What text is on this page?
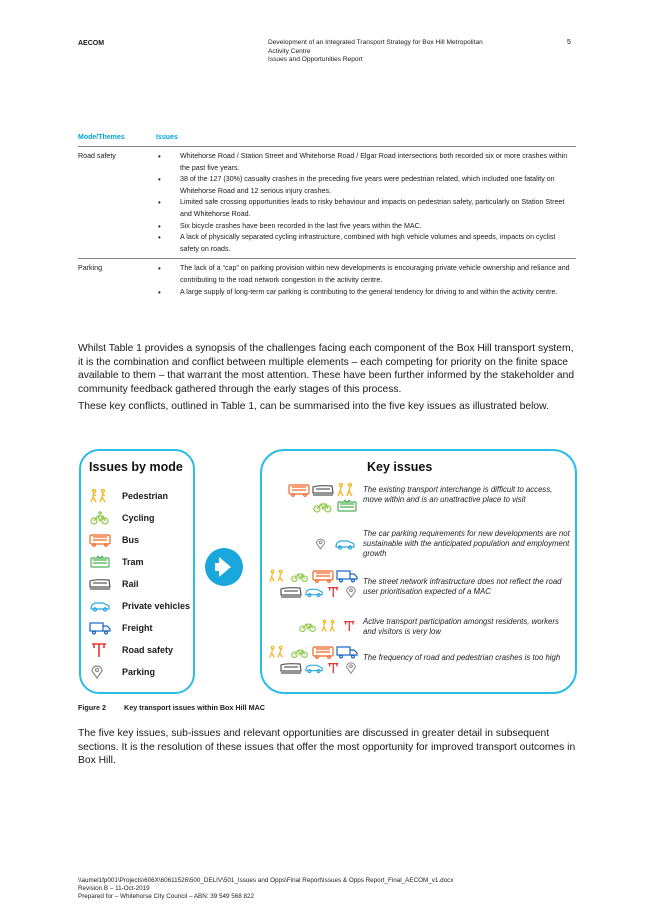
AECOM	Development of an Integrated Transport Strategy for Box Hill Metropolitan
Activity Centre
Issues and Opportunities Report
5
Mode/Themes	Issues
Road safety	•	Whitehorse Road / Station Street and Whitehorse Road / Elgar Road intersections both recorded six or more crashes within the past five years.
•	38 of the 127 (30%) casualty crashes in the preceding five years were pedestrian related, which included one fatality on Whitehorse Road and 12 serious injury crashes.
•	Limited safe crossing opportunities leads to risky behaviour and impacts on pedestrian safety, particularly on Station Street and Whitehorse Road.
•	Six bicycle crashes have been recorded in the last five years within the MAC.
•	A lack of physically separated cycling infrastructure, combined with high vehicle volumes and speeds, impacts on cyclist safety on roads.
Parking	•	The lack of a “cap” on parking provision within new developments is encouraging private vehicle ownership and reliance and contributing to the road network congestion in the activity centre.
•	A large supply of long-term car parking is contributing to the general tendency for driving to and within the activity centre.

Whilst Table 1 provides a synopsis of the challenges facing each component of the Box Hill transport system, it is the combination and conflict between multiple elements – each competing for priority on the finite space available to them – that warrant the most attention. These have been further informed by the stakeholder and community feedback gathered through the early stages of this process.

These key conflicts, outlined in Table 1, can be summarised into the five key issues as illustrated below.

Issues by mode
Pedestrian
Cycling
Bus
Tram
Rail
Private vehicles
Freight
Road safety
Parking
Key issues
The existing transport interchange is difficult to access, move within and is an unattractive place to visit
The car parking requirements for new developments are not sustainable with the anticipated population and employment growth
The street network infrastructure does not reflect the road user prioritisation expected of a MAC
Active transport participation amongst residents, workers and visitors is very low
The frequency of road and pedestrian crashes is too high
Figure 2	Key transport issues within Box Hill MAC

The five key issues, sub-issues and relevant opportunities are discussed in greater detail in subsequent sections. It is the resolution of these issues that offer the most opportunity for improved transport outcomes in Box Hill.

\\aumel1fp001\Projects\606X\60611526\500_DELIV\501_Issues and Opps\Final Report\Issues & Opps Report_Final_AECOM_v1.docx
Revision B – 11-Oct-2019
Prepared for – Whitehorse City Council – ABN: 39 549 568 822
